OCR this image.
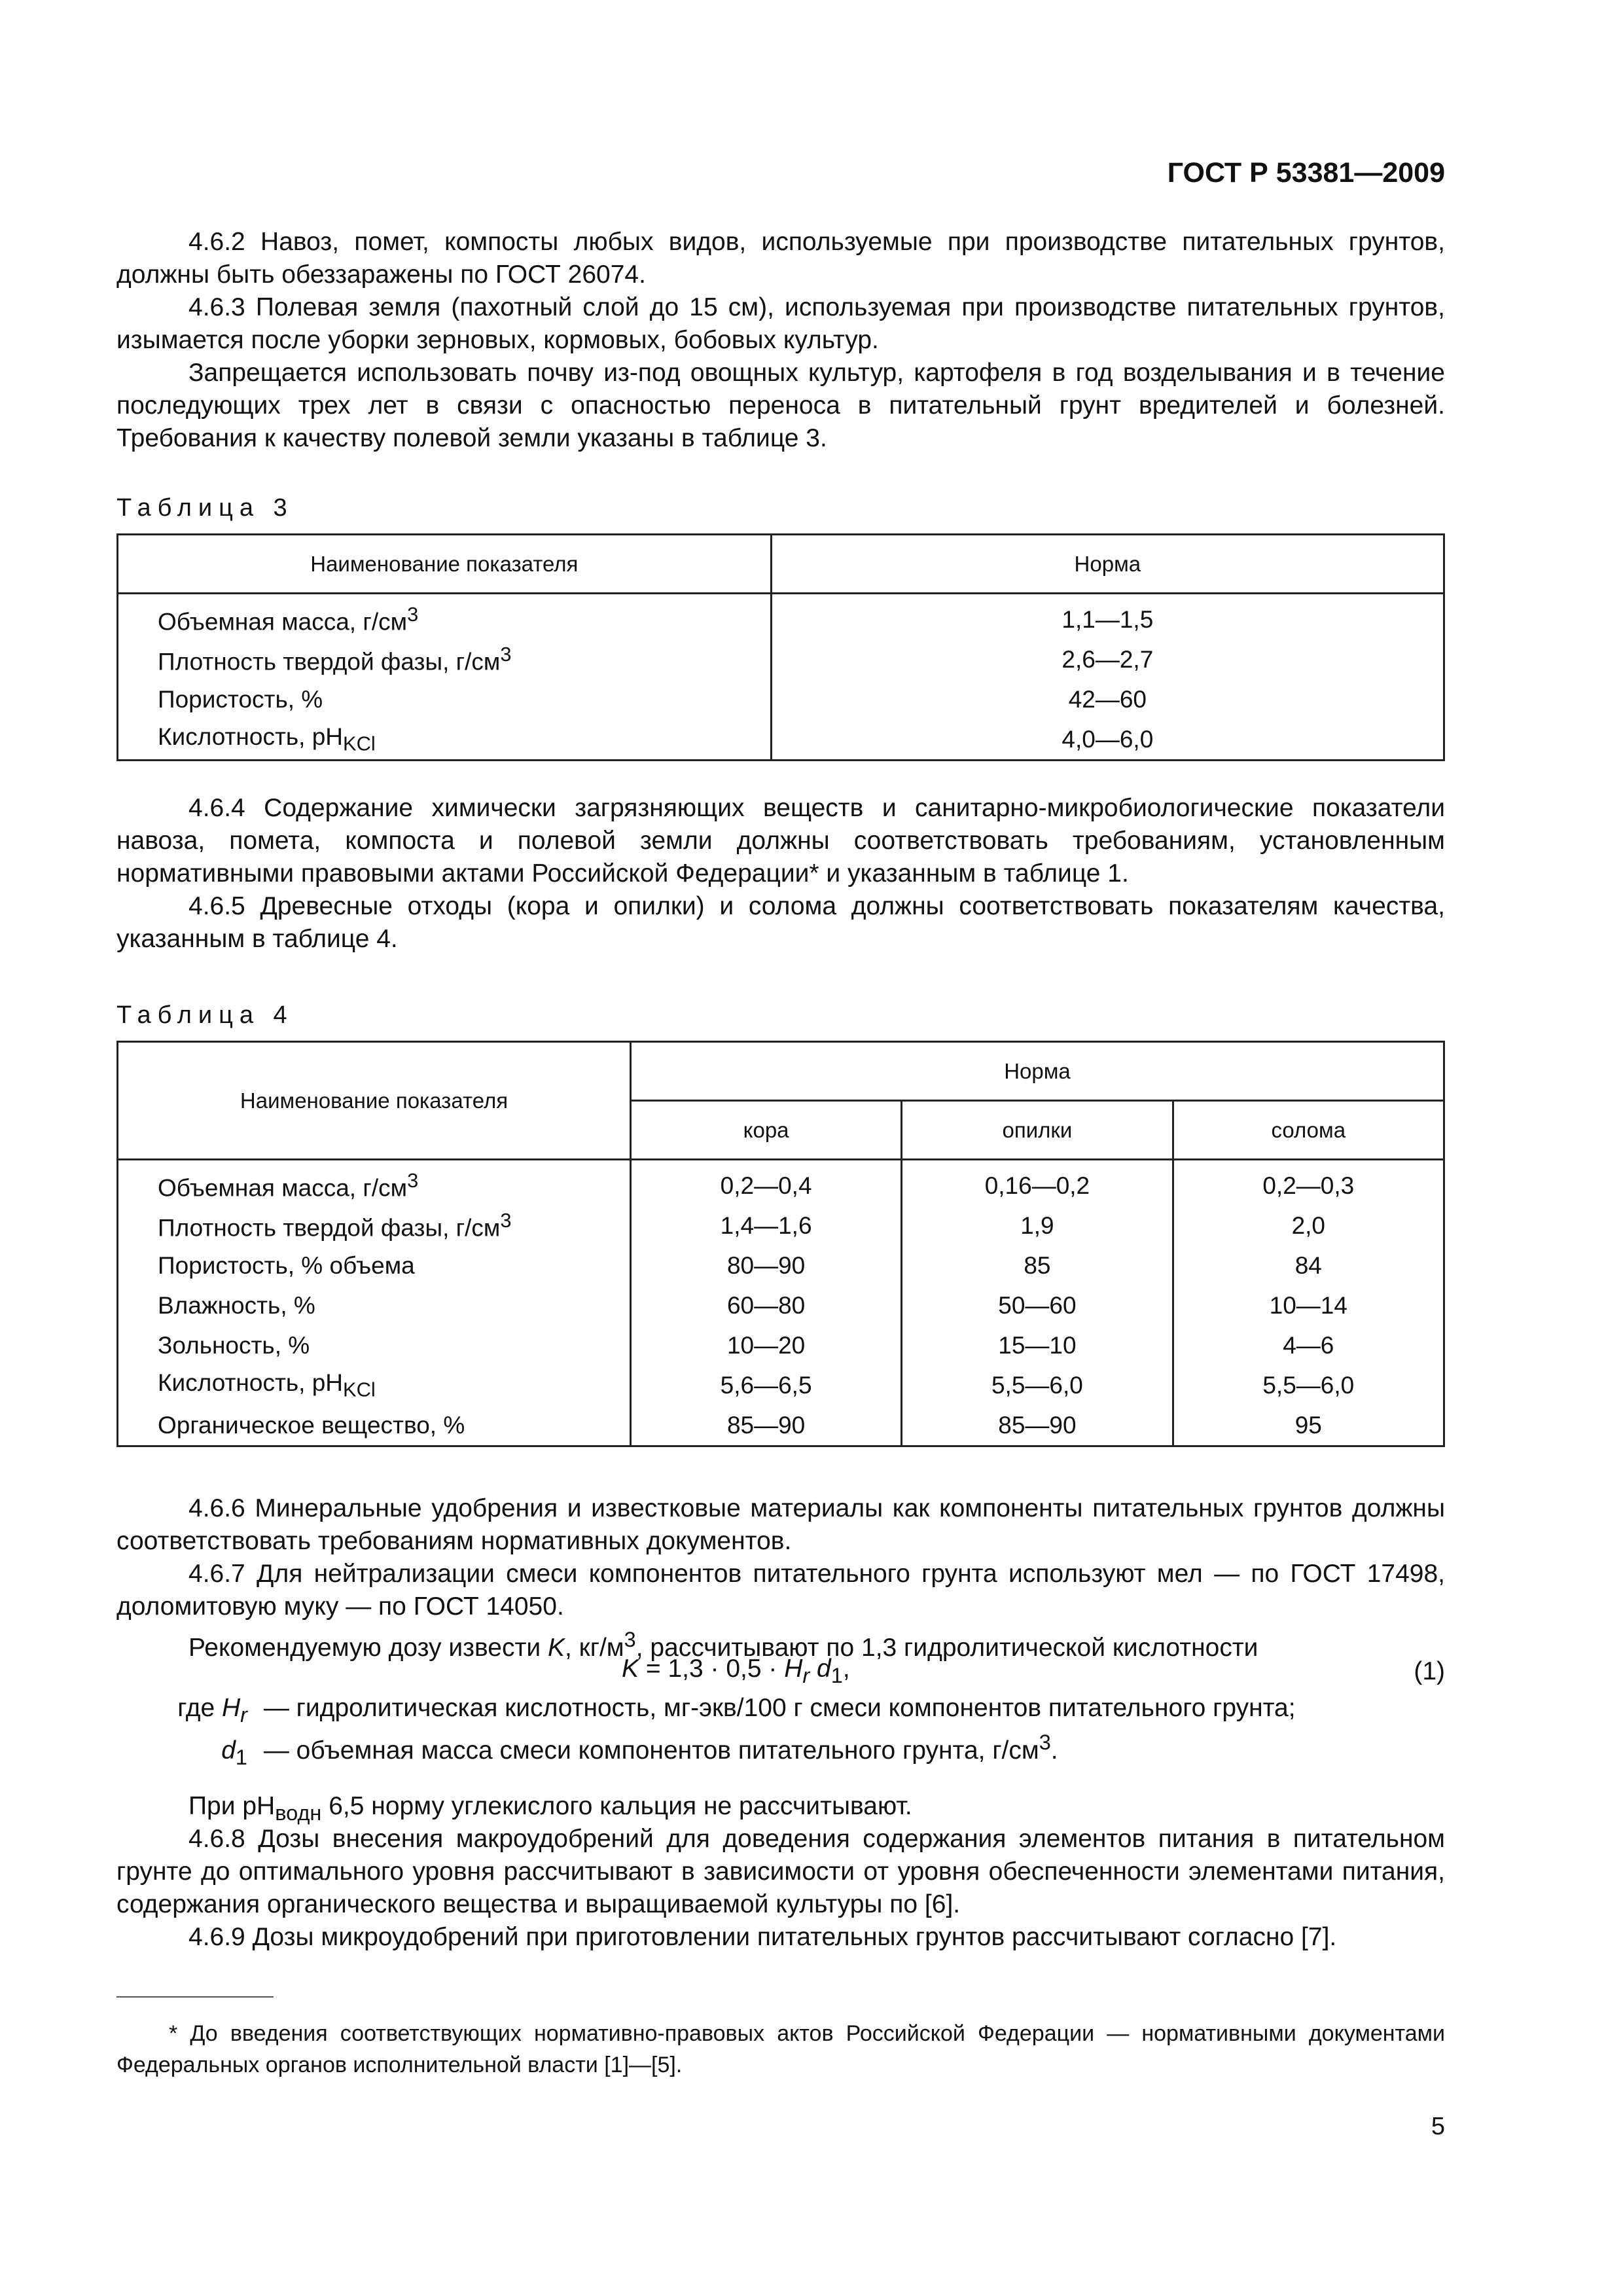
ГОСТ Р 53381—2009
4.6.2 Навоз, помет, компосты любых видов, используемые при производстве питательных грунтов, должны быть обеззаражены по ГОСТ 26074.
4.6.3 Полевая земля (пахотный слой до 15 см), используемая при производстве питательных грунтов, изымается после уборки зерновых, кормовых, бобовых культур.
Запрещается использовать почву из-под овощных культур, картофеля в год возделывания и в течение последующих трех лет в связи с опасностью переноса в питательный грунт вредителей и болезней. Требования к качеству полевой земли указаны в таблице 3.
Таблица 3
Наименование показателя	Норма
Объемная масса, $г/см^3$	1,1—1,5
Плотность твердой фазы, $г/см^3$	2,6—2,7
Пористость, %	42—60
Кислотность, $рН_{KCl}$	4,0—6,0
4.6.4 Содержание химически загрязняющих веществ и санитарно-микробиологические показатели навоза, помета, компоста и полевой земли должны соответствовать требованиям, установленным нормативными правовыми актами Российской Федерации* и указанным в таблице 1.
4.6.5 Древесные отходы (кора и опилки) и солома должны соответствовать показателям качества, указанным в таблице 4.
Таблица 4
Наименование показателя	Норма		
	кора	опилки	солома
Объемная масса, $г/см^3$	0,2—0,4	0,16—0,2	0,2—0,3
Плотность твердой фазы, $г/см^3$	1,4—1,6	1,9	2,0
Пористость, % объема	80—90	85	84
Влажность, %	60—80	50—60	10—14
Зольность, %	10—20	15—10	4—6
Кислотность, $рН_{KCl}$	5,6—6,5	5,5—6,0	5,5—6,0
Органическое вещество, %	85—90	85—90	95
4.6.6 Минеральные удобрения и известковые материалы как компоненты питательных грунтов должны соответствовать требованиям нормативных документов.
4.6.7 Для нейтрализации смеси компонентов питательного грунта используют мел — по ГОСТ 17498, доломитовую муку — по ГОСТ 14050.
Рекомендуемую дозу извести K, $кг/м^3$, рассчитывают по 1,3 гидролитической кислотности
$K = 1,3 \cdot 0,5 \cdot H_r$ $d_1$,	(1)
где $H_r$ — гидролитическая кислотность, мг-экв/100 г смеси компонентов питательного грунта;
$d_1$ — объемная масса смеси компонентов питательного грунта, $г/см^3$.
При $рН_{водн}$ 6,5 норму углекислого кальция не рассчитывают.
4.6.8 Дозы внесения макроудобрений для доведения содержания элементов питания в питательном грунте до оптимального уровня рассчитывают в зависимости от уровня обеспеченности элементами питания, содержания органического вещества и выращиваемой культуры по [6].
4.6.9 Дозы микроудобрений при приготовлении питательных грунтов рассчитывают согласно [7].
* До введения соответствующих нормативно-правовых актов Российской Федерации — нормативными документами Федеральных органов исполнительной власти [1]—[5].
5
